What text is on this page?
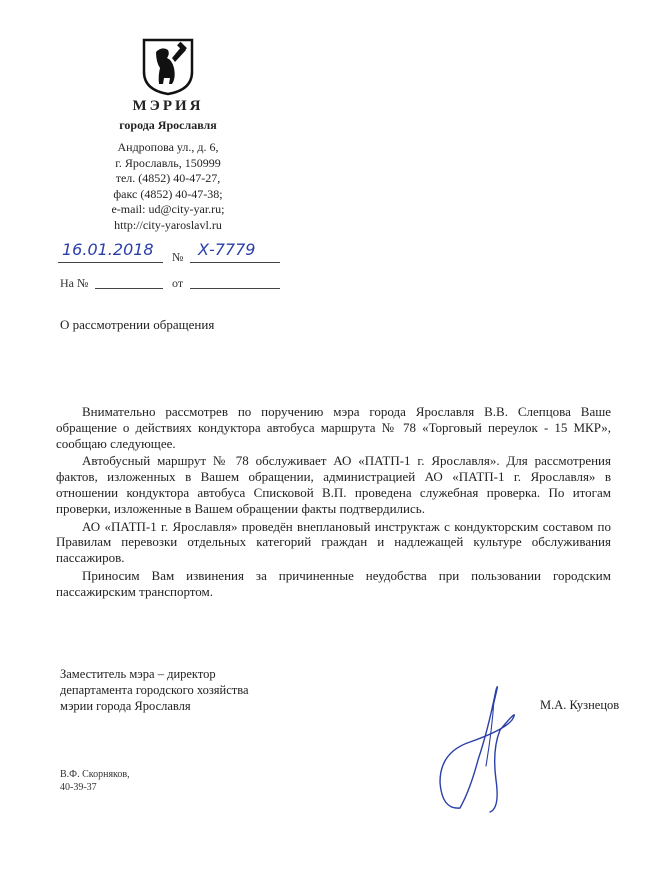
МЭРИЯ
города Ярославля
Андропова ул., д. 6,
г. Ярославль, 150999
тел. (4852) 40-47-27,
факс (4852) 40-47-38;
e-mail: ud@city-yar.ru;
http://city-yaroslavl.ru
16.01.2018 № Х-7779
На №	от
О рассмотрении обращения

Внимательно рассмотрев по поручению мэра города Ярославля В.В. Слепцова Ваше обращение о действиях кондуктора автобуса маршрута № 78 «Торговый переулок - 15 МКР», сообщаю следующее.

Автобусный маршрут № 78 обслуживает АО «ПАТП-1 г. Ярославля». Для рассмотрения фактов, изложенных в Вашем обращении, администрацией АО «ПАТП-1 г. Ярославля» в отношении кондуктора автобуса Списковой В.П. проведена служебная проверка. По итогам проверки, изложенные в Вашем обращении факты подтвердились.

АО «ПАТП-1 г. Ярославля» проведён внеплановый инструктаж с кондукторским составом по Правилам перевозки отдельных категорий граждан и надлежащей культуре обслуживания пассажиров.

Приносим Вам извинения за причиненные неудобства при пользовании городским пассажирским транспортом.

Заместитель мэра – директор
департамента городского хозяйства
мэрии города Ярославля	М.А. Кузнецов
В.Ф. Скорняков,
40-39-37
